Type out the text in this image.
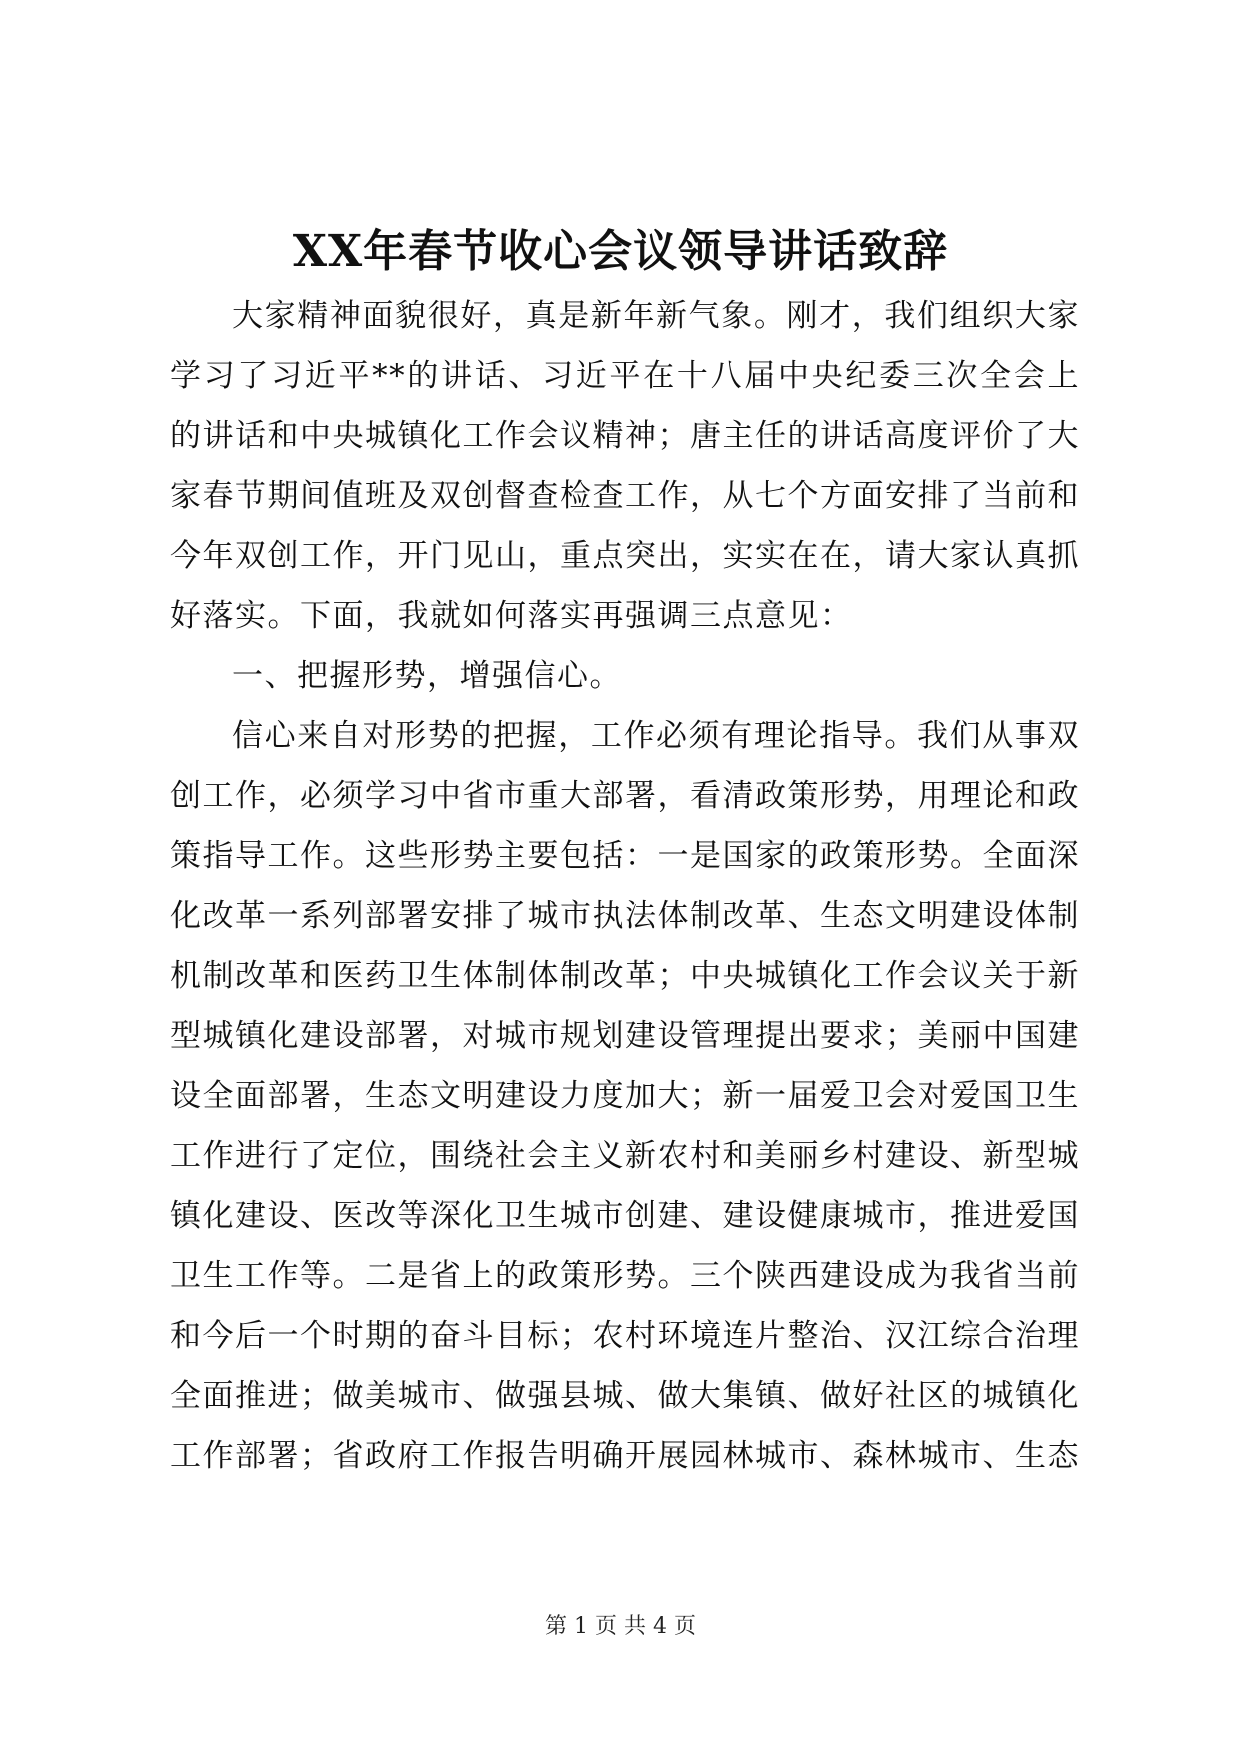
XX年春节收心会议领导讲话致辞

大家精神面貌很好，真是新年新气象。刚才，我们组织大家学习了习近平**的讲话、习近平在十八届中央纪委三次全会上的讲话和中央城镇化工作会议精神；唐主任的讲话高度评价了大家春节期间值班及双创督查检查工作，从七个方面安排了当前和今年双创工作，开门见山，重点突出，实实在在，请大家认真抓好落实。下面，我就如何落实再强调三点意见：

一、把握形势，增强信心。

信心来自对形势的把握，工作必须有理论指导。我们从事双创工作，必须学习中省市重大部署，看清政策形势，用理论和政策指导工作。这些形势主要包括：一是国家的政策形势。全面深化改革一系列部署安排了城市执法体制改革、生态文明建设体制机制改革和医药卫生体制体制改革；中央城镇化工作会议关于新型城镇化建设部署，对城市规划建设管理提出要求；美丽中国建设全面部署，生态文明建设力度加大；新一届爱卫会对爱国卫生工作进行了定位，围绕社会主义新农村和美丽乡村建设、新型城镇化建设、医改等深化卫生城市创建、建设健康城市，推进爱国卫生工作等。二是省上的政策形势。三个陕西建设成为我省当前和今后一个时期的奋斗目标；农村环境连片整治、汉江综合治理全面推进；做美城市、做强县城、做大集镇、做好社区的城镇化工作部署；省政府工作报告明确开展园林城市、森林城市、生态

第 1 页 共 4 页
